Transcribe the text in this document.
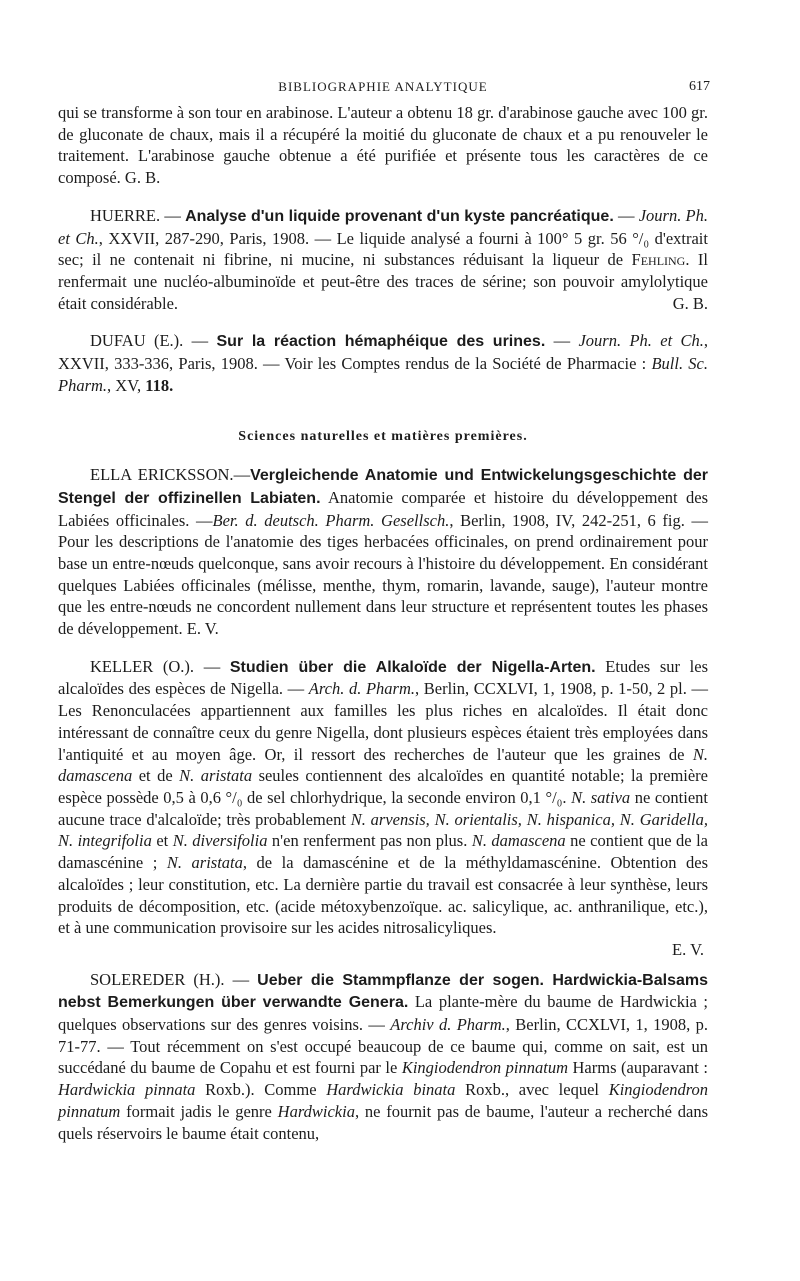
BIBLIOGRAPHIE ANALYTIQUE	617

qui se transforme à son tour en arabinose. L'auteur a obtenu 18 gr. d'arabinose gauche avec 100 gr. de gluconate de chaux, mais il a récupéré la moitié du gluconate de chaux et a pu renouveler le traitement. L'arabinose gauche obtenue a été purifiée et présente tous les caractères de ce composé. G. B.

HUERRE. — Analyse d'un liquide provenant d'un kyste pancréatique. — Journ. Ph. et Ch., XXVII, 287-290, Paris, 1908. — Le liquide analysé a fourni à 100° 5 gr. 56 °/₀ d'extrait sec; il ne contenait ni fibrine, ni mucine, ni substances réduisant la liqueur de Fehling. Il renfermait une nucléo-albuminoïde et peut-être des traces de sérine; son pouvoir amylolytique était considérable.	G. B.

DUFAU (E.). — Sur la réaction hémaphéique des urines. — Journ. Ph. et Ch., XXVII, 333-336, Paris, 1908. — Voir les Comptes rendus de la Société de Pharmacie : Bull. Sc. Pharm., XV, 118.

Sciences naturelles et matières premières.

ELLA ERICKSSON.—Vergleichende Anatomie und Entwickelungsgeschichte der Stengel der offizinellen Labiaten. Anatomie comparée et histoire du développement des Labiées officinales. —Ber. d. deutsch. Pharm. Gesellsch., Berlin, 1908, IV, 242-251, 6 fig. — Pour les descriptions de l'anatomie des tiges herbacées officinales, on prend ordinairement pour base un entre-nœuds quelconque, sans avoir recours à l'histoire du développement. En considérant quelques Labiées officinales (mélisse, menthe, thym, romarin, lavande, sauge), l'auteur montre que les entre-nœuds ne concordent nullement dans leur structure et représentent toutes les phases de développement. E. V.

KELLER (O.). — Studien über die Alkaloïde der Nigella-Arten. Etudes sur les alcaloïdes des espèces de Nigella. — Arch. d. Pharm., Berlin, CCXLVI, 1, 1908, p. 1-50, 2 pl. — Les Renonculacées appartiennent aux familles les plus riches en alcaloïdes. Il était donc intéressant de connaître ceux du genre Nigella, dont plusieurs espèces étaient très employées dans l'antiquité et au moyen âge. Or, il ressort des recherches de l'auteur que les graines de N. damascena et de N. aristata seules contiennent des alcaloïdes en quantité notable; la première espèce possède 0,5 à 0,6 °/₀ de sel chlorhydrique, la seconde environ 0,1 °/₀. N. sativa ne contient aucune trace d'alcaloïde; très probablement N. arvensis, N. orientalis, N. hispanica, N. Garidella, N. integrifolia et N. diversifolia n'en renferment pas non plus. N. damascena ne contient que de la damascénine ; N. aristata, de la damascénine et de la méthyldamascénine. Obtention des alcaloïdes ; leur constitution, etc. La dernière partie du travail est consacrée à leur synthèse, leurs produits de décomposition, etc. (acide métoxybenzoïque. ac. salicylique, ac. anthranilique, etc.), et à une communication provisoire sur les acides nitrosalicyliques.

E. V.

SOLEREDER (H.). — Ueber die Stammpflanze der sogen. Hardwickia-Balsams nebst Bemerkungen über verwandte Genera. La plante-mère du baume de Hardwickia ; quelques observations sur des genres voisins. — Archiv d. Pharm., Berlin, CCXLVI, 1, 1908, p. 71-77. — Tout récemment on s'est occupé beaucoup de ce baume qui, comme on sait, est un succédané du baume de Copahu et est fourni par le Kingiodendron pinnatum Harms (auparavant : Hardwickia pinnata Roxb.). Comme Hardwickia binata Roxb., avec lequel Kingiodendron pinnatum formait jadis le genre Hardwickia, ne fournit pas de baume, l'auteur a recherché dans quels réservoirs le baume était contenu,
